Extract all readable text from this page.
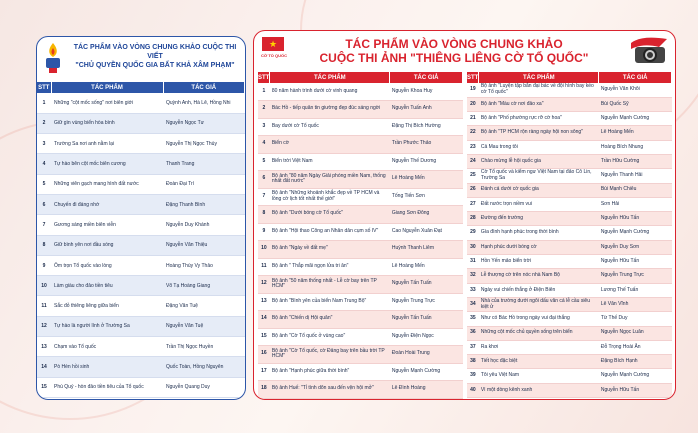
TÁC PHẨM VÀO VÒNG CHUNG KHẢO CUỘC THI VIẾT
"CHỦ QUYỀN QUỐC GIA BẤT KHẢ XÂM PHẠM"
STT	TÁC PHẨM	TÁC GIẢ
1	Những "cột mốc sống" nơi biên giới	Quỳnh Anh, Hà Lê, Hồng Nhi
2	Giữ gìn vùng biển hòa bình	Nguyễn Ngọc Tư
3	Trường Sa nơi anh nằm lại	Nguyễn Thị Ngọc Thúy
4	Tự hào bên cột mốc biên cương	Thanh Trang
5	Những viên gạch mang hình đất nước	Đoàn Đại Trí
6	Chuyến đi đáng nhớ	Đặng Thanh Bình
7	Gương sáng miền biên viễn	Nguyễn Duy Khánh
8	Giữ bình yên nơi đầu sóng	Nguyễn Văn Thiệu
9	Ôm trọn Tổ quốc vào lòng	Hoàng Thùy Vy Thảo
10	Làm giàu cho đảo tiền tiêu	Võ Tạ Hoàng Giang
11	Sắc đỏ thiêng liêng giữa biển	Đặng Văn Tuệ
12	Tự hào là người lính ở Trường Sa	Nguyễn Văn Tuệ
13	Chạm vào Tổ quốc	Trần Thị Ngọc Huyền
14	Pò Hèn hồi sinh	Quốc Toàn, Hồng Nguyên
15	Phú Quý - hòn đảo tiền tiêu của Tổ quốc	Nguyễn Quang Duy
★
CỜ TỔ QUỐC
TÁC PHẨM VÀO VÒNG CHUNG KHẢO
CUỘC THI ẢNH "THIÊNG LIÊNG CỜ TỔ QUỐC"
STT	TÁC PHẨM	TÁC GIẢ
1	80 năm hành trình dưới cờ vinh quang	Nguyễn Khoa Huy
2	Bác Hồ - tiếp quân tin giường đẹp đúc sáng ngời	Nguyễn Tuấn Anh
3	Bay dưới cờ Tổ quốc	Đặng Thị Bích Hường
4	Biển cờ	Trần Phước Thảo
5	Biển trời Việt Nam	Nguyễn Thế Dương
6	Bộ ảnh "80 năm Ngày Giải phóng miền Nam, thống nhất đất nước"	Lê Hoàng Mến
7	Bộ ảnh "Những khoảnh khắc đẹp về TP HCM và lồng cờ lịch tốt nhất thế giới"	Tống Tiến Sơn
8	Bộ ảnh "Dưới bóng cờ Tổ quốc"	Giang Sơn Đông
9	Bộ ảnh "Hội thao Công an Nhân dân cụm số IV"	Cao Nguyễn Xuân Đạt
10	Bộ ảnh "Ngày về đất mẹ"	Huỳnh Thanh Liêm
11	Bộ ảnh " Thắp mãi ngọn lửa tri ân"	Lê Hoàng Mến
12	Bộ ảnh "50 năm thống nhất - Lễ cờ bay trên TP HCM"	Nguyễn Tấn Tuấn
13	Bộ ảnh "Bình yên của biển Nam Trung Bộ"	Nguyễn Trung Trực
14	Bộ ảnh "Chiến dị Hội quân"	Nguyễn Tấn Tuấn
15	Bộ ảnh "Cờ Tổ quốc ở vùng cao"	Nguyễn Điện Ngọc
16	Bộ ảnh "Cờ Tổ quốc, cờ Đảng bay trên bầu trời TP HCM"	Đoàn Hoài Trung
17	Bộ ảnh "Hạnh phúc giữa thời bình"	Nguyễn Mạnh Cường
18	Bộ ảnh Huế: "Tỉ tình dõn sau đến vện hội mở"	Lê Đình Hoàng
STT	TÁC PHẨM	TÁC GIẢ
19	Bộ ảnh "Luyện tập bắn đại bác về đội hình bay kéo cờ Tổ quốc"	Nguyễn Văn Khôi
20	Bộ ảnh "Màu cờ nơi đảo xa"	Bùi Quốc Sỹ
21	Bộ ảnh "Phố phường rực rỡ cờ hoa"	Nguyễn Mạnh Cường
22	Bộ ảnh "TP HCM rộn ràng ngày hội non sông"	Lê Hoàng Mến
23	Cả Mau trong tôi	Hoàng Bích Nhung
24	Chào mừng lễ hội quốc gia	Trần Hữu Cường
25	Cờ Tổ quốc và kiểm ngư Việt Nam tại đảo Cô Lin, Trường Sa	Nguyễn Thanh Hải
26	Đánh cá dưới cờ quốc gia	Bùi Mạnh Chiêu
27	Đất nước trọn niềm vui	Sơn Hải
28	Đường đến trường	Nguyễn Hữu Tấn
29	Gìa đình hạnh phúc trong thời bình	Nguyễn Mạnh Cường
30	Hạnh phúc dưới bóng cờ	Nguyễn Duy Sơn
31	Hồn Yến mảo biển trời	Nguyễn Hữu Tấn
32	Lễ thượng cờ trên nóc nhà Nam Bộ	Nguyễn Trung Trực
33	Ngày vui chiến thắng ở Điện Biên	Lương Thế Tuấn
34	Nhà của trường dưới ngôi dấu văn cá lễ cầu siêu kiệt ử	Lê Văn Vĩnh
35	Như có Bác Hồ trong ngày vui đại thắng	Từ Thế Duy
36	Những cột mốc chủ quyền sống trên biển	Nguyễn Ngọc Luân
37	Ra khơi	Đỗ Trọng Hoài Ân
38	Tiết học đặc biệt	Đặng Bích Hạnh
39	Tôi yêu Việt Nam	Nguyễn Mạnh Cường
40	Vì một dòng kênh xanh	Nguyễn Hữu Tấn
